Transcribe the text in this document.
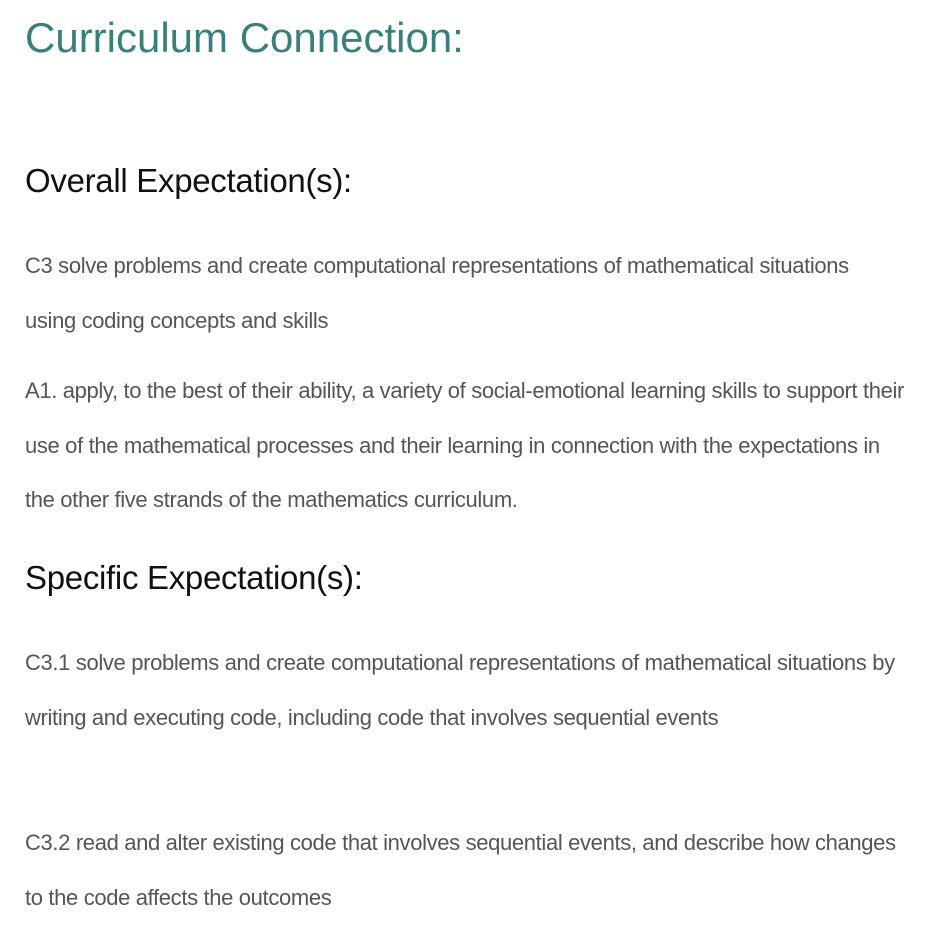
Curriculum Connection:
Overall Expectation(s):

C3 solve problems and create computational representations of mathematical situations using coding concepts and skills

A1. apply, to the best of their ability, a variety of social-emotional learning skills to support their use of the mathematical processes and their learning in connection with the expectations in the other five strands of the mathematics curriculum.

Specific Expectation(s):

C3.1 solve problems and create computational representations of mathematical situations by writing and executing code, including code that involves sequential events

C3.2 read and alter existing code that involves sequential events, and describe how changes to the code affects the outcomes
